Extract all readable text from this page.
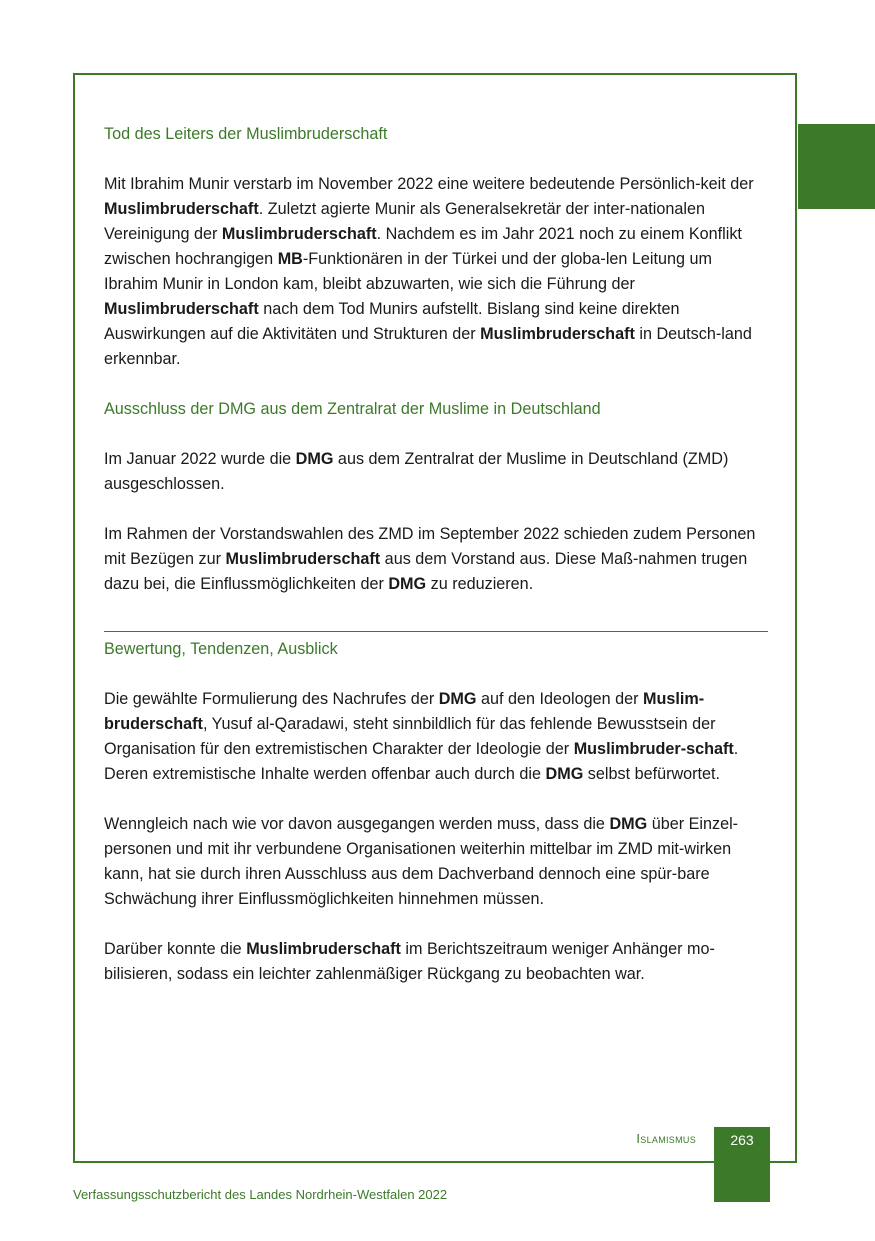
Tod des Leiters der Muslimbruderschaft

Mit Ibrahim Munir verstarb im November 2022 eine weitere bedeutende Persönlich-keit der Muslimbruderschaft. Zuletzt agierte Munir als Generalsekretär der inter-nationalen Vereinigung der Muslimbruderschaft. Nachdem es im Jahr 2021 noch zu einem Konflikt zwischen hochrangigen MB-Funktionären in der Türkei und der globa-len Leitung um Ibrahim Munir in London kam, bleibt abzuwarten, wie sich die Führung der Muslimbruderschaft nach dem Tod Munirs aufstellt. Bislang sind keine direkten Auswirkungen auf die Aktivitäten und Strukturen der Muslimbruderschaft in Deutsch-land erkennbar.

Ausschluss der DMG aus dem Zentralrat der Muslime in Deutschland

Im Januar 2022 wurde die DMG aus dem Zentralrat der Muslime in Deutschland (ZMD) ausgeschlossen.

Im Rahmen der Vorstandswahlen des ZMD im September 2022 schieden zudem Personen mit Bezügen zur Muslimbruderschaft aus dem Vorstand aus. Diese Maß-nahmen trugen dazu bei, die Einflussmöglichkeiten der DMG zu reduzieren.

Bewertung, Tendenzen, Ausblick

Die gewählte Formulierung des Nachrufes der DMG auf den Ideologen der Muslim-bruderschaft, Yusuf al-Qaradawi, steht sinnbildlich für das fehlende Bewusstsein der Organisation für den extremistischen Charakter der Ideologie der Muslimbruder-schaft. Deren extremistische Inhalte werden offenbar auch durch die DMG selbst befürwortet.

Wenngleich nach wie vor davon ausgegangen werden muss, dass die DMG über Einzel-personen und mit ihr verbundene Organisationen weiterhin mittelbar im ZMD mit-wirken kann, hat sie durch ihren Ausschluss aus dem Dachverband dennoch eine spür-bare Schwächung ihrer Einflussmöglichkeiten hinnehmen müssen.

Darüber konnte die Muslimbruderschaft im Berichtszeitraum weniger Anhänger mo-bilisieren, sodass ein leichter zahlenmäßiger Rückgang zu beobachten war.

Islamismus	263
Verfassungsschutzbericht des Landes Nordrhein-Westfalen 2022
